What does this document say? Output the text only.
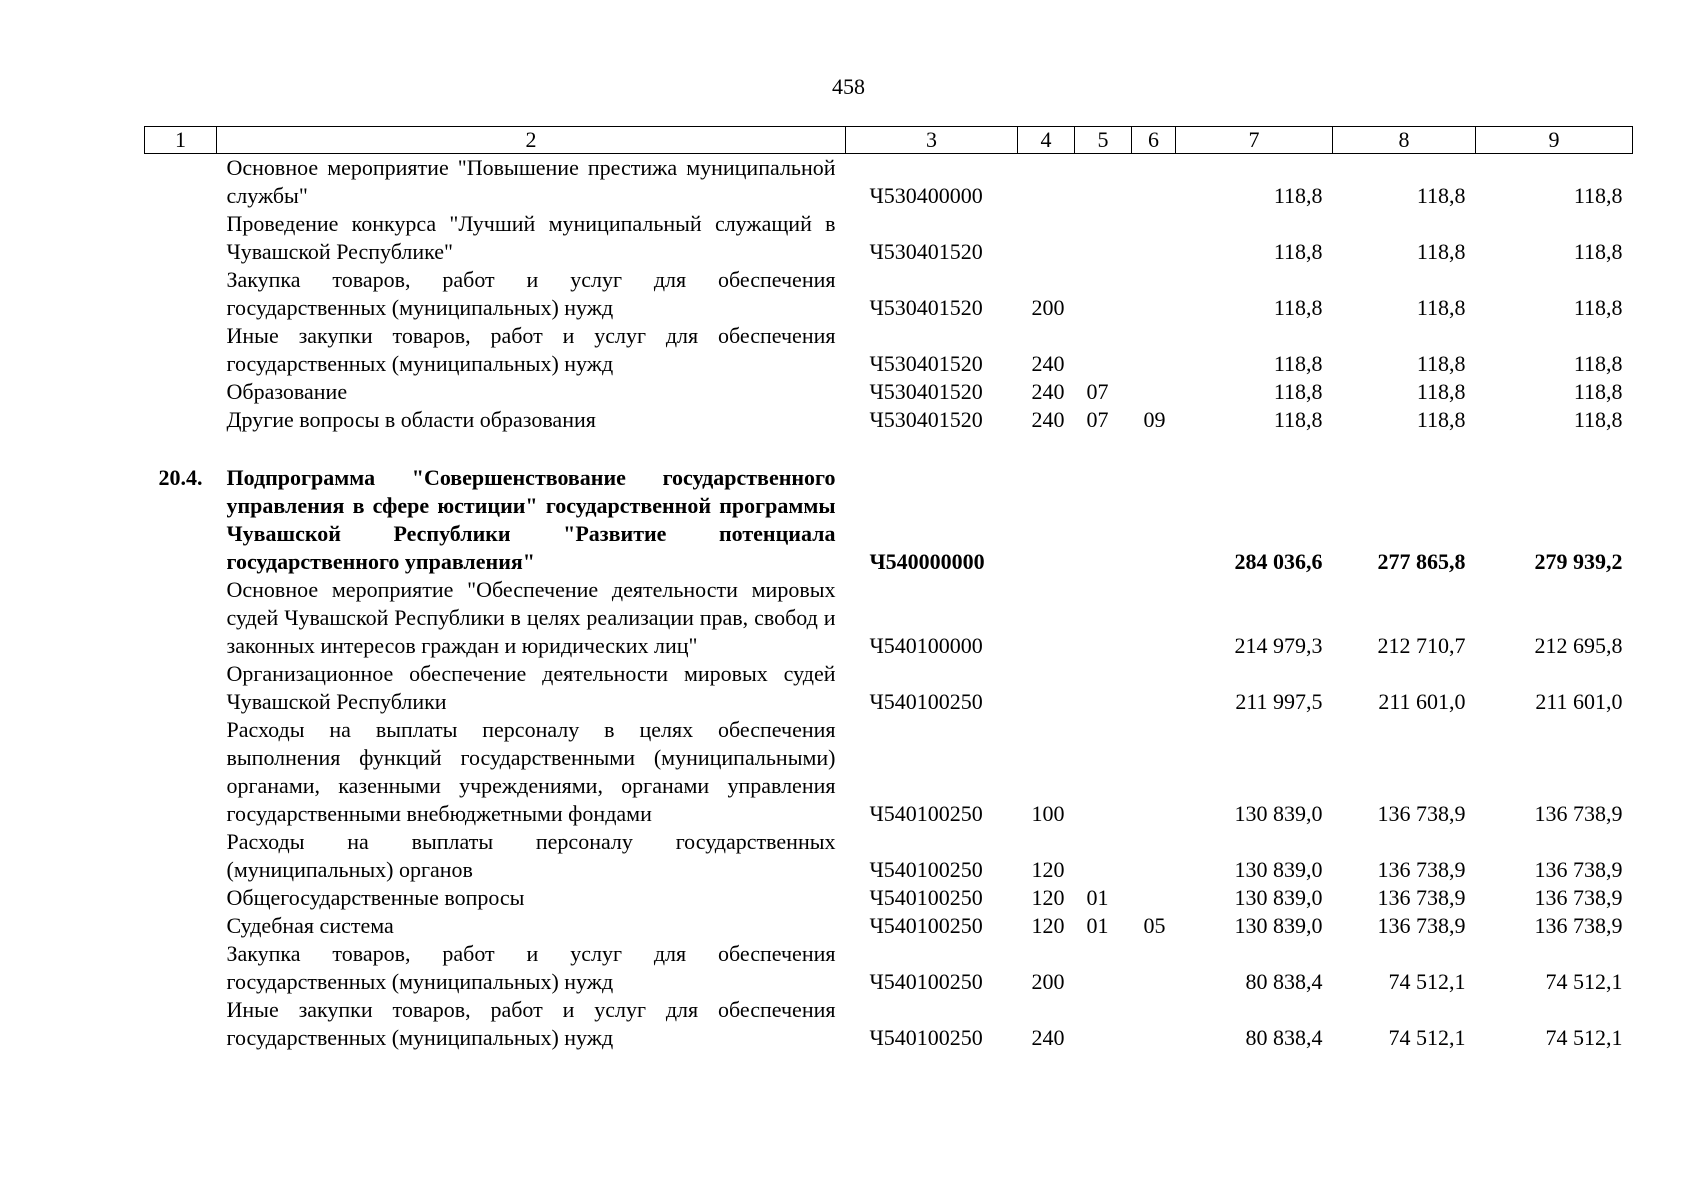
458
1	2	3	4	5	6	7	8	9
	Основное мероприятие "Повышение престижа муниципальной службы"	Ч530400000				118,8	118,8	118,8
	Проведение конкурса "Лучший муниципальный служащий в Чувашской Республике"	Ч530401520				118,8	118,8	118,8
	Закупка товаров, работ и услуг для обеспечения государственных (муниципальных) нужд	Ч530401520	200			118,8	118,8	118,8
	Иные закупки товаров, работ и услуг для обеспечения государственных (муниципальных) нужд	Ч530401520	240			118,8	118,8	118,8
	Образование	Ч530401520	240	07		118,8	118,8	118,8
	Другие вопросы в области образования	Ч530401520	240	07	09	118,8	118,8	118,8

20.4.	Подпрограмма "Совершенствование государственного управления в сфере юстиции" государственной программы Чувашской Республики "Развитие потенциала государственного управления"	Ч540000000				284 036,6	277 865,8	279 939,2
	Основное мероприятие "Обеспечение деятельности мировых судей Чувашской Республики в целях реализации прав, свобод и законных интересов граждан и юридических лиц"	Ч540100000				214 979,3	212 710,7	212 695,8
	Организационное обеспечение деятельности мировых судей Чувашской Республики	Ч540100250				211 997,5	211 601,0	211 601,0
	Расходы на выплаты персоналу в целях обеспечения выполнения функций государственными (муниципальными) органами, казенными учреждениями, органами управления государственными внебюджетными фондами	Ч540100250	100			130 839,0	136 738,9	136 738,9
	Расходы на выплаты персоналу государственных (муниципальных) органов	Ч540100250	120			130 839,0	136 738,9	136 738,9
	Общегосударственные вопросы	Ч540100250	120	01		130 839,0	136 738,9	136 738,9
	Судебная система	Ч540100250	120	01	05	130 839,0	136 738,9	136 738,9
	Закупка товаров, работ и услуг для обеспечения государственных (муниципальных) нужд	Ч540100250	200			80 838,4	74 512,1	74 512,1
	Иные закупки товаров, работ и услуг для обеспечения государственных (муниципальных) нужд	Ч540100250	240			80 838,4	74 512,1	74 512,1
